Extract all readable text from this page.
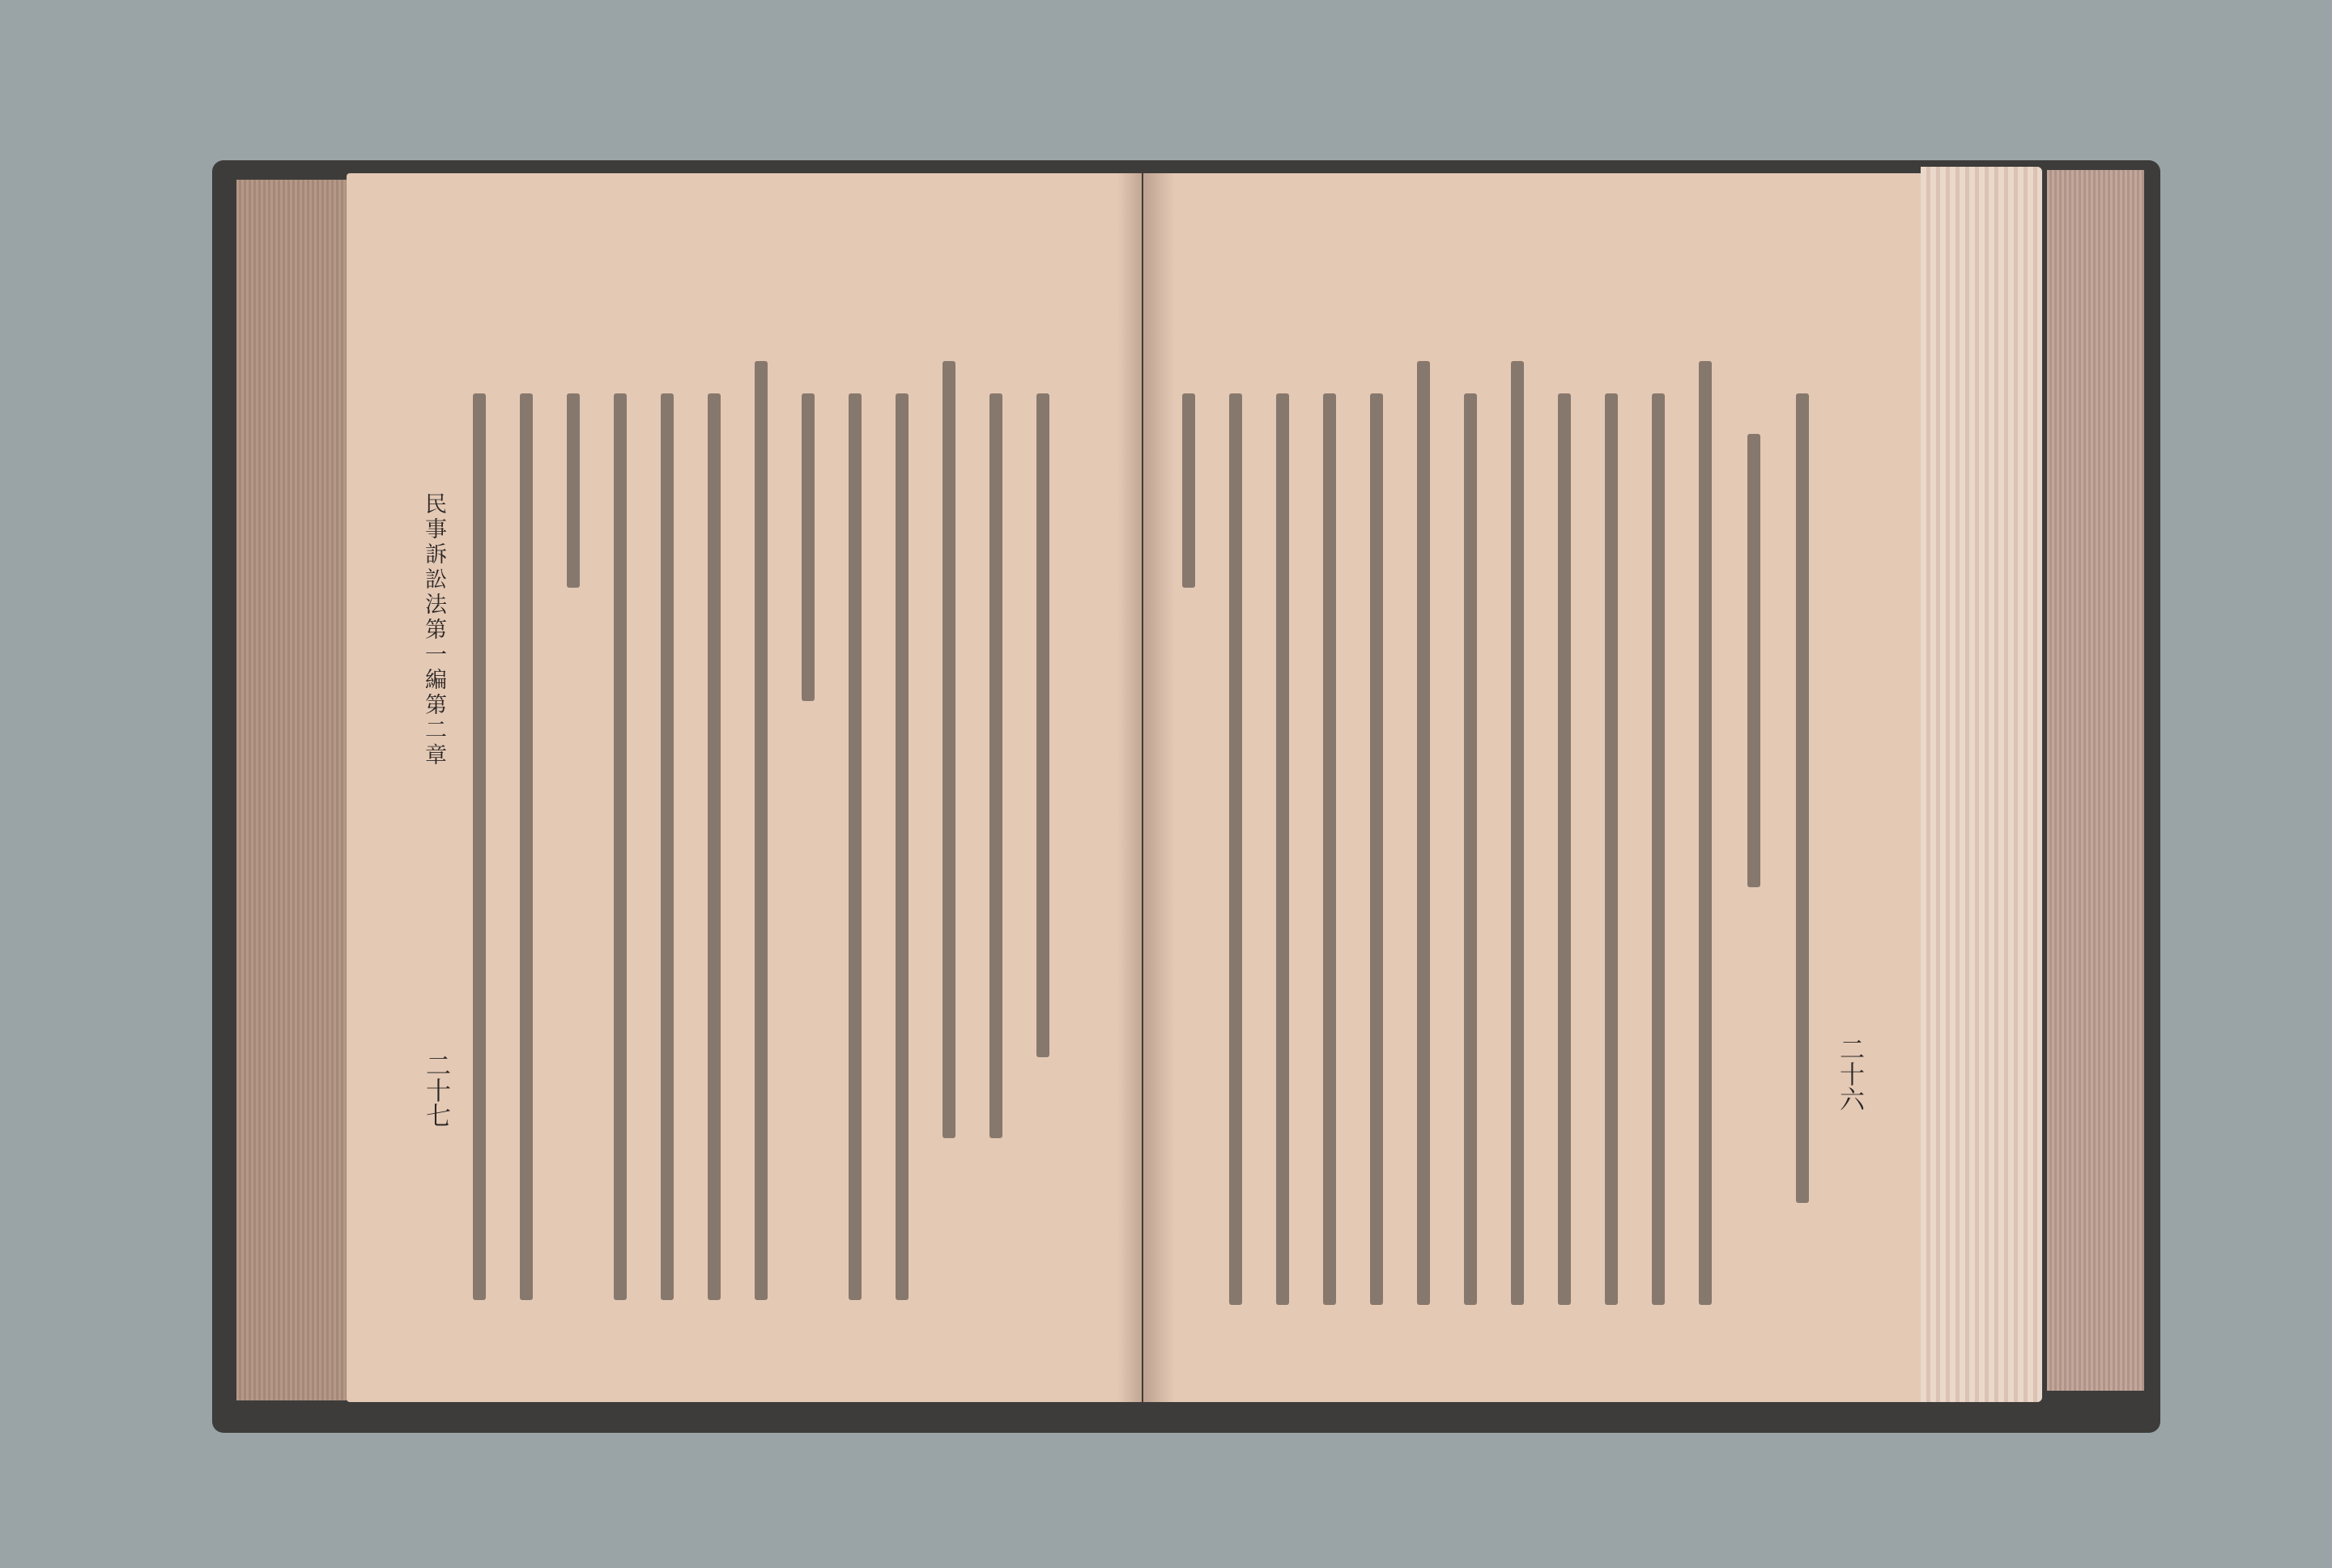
民事訴訟法第一編第二章
二十七	二十六
